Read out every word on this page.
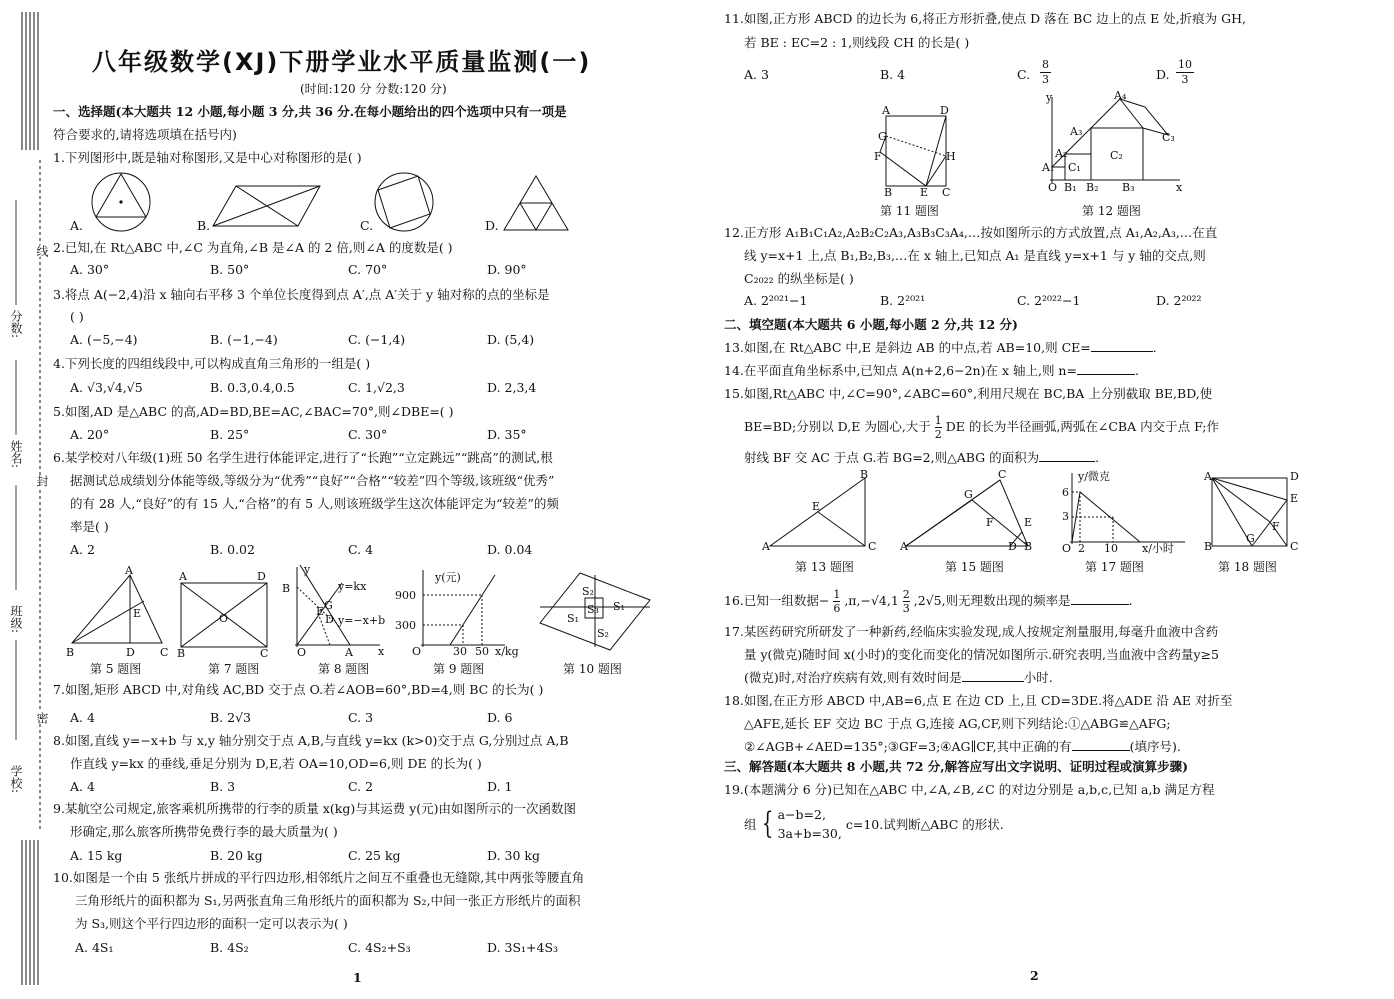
分数:
姓名:
班级:
学校:
线
封
密
八年级数学(XJ)下册学业水平质量监测(一)
(时间:120 分 分数:120 分)
一、选择题(本大题共 12 小题,每小题 3 分,共 36 分.在每小题给出的四个选项中只有一项是
符合要求的,请将选项填在括号内)
1.下列图形中,既是轴对称图形,又是中心对称图形的是( )
A.	B.	C.	D.
2.已知,在 Rt△ABC 中,∠C 为直角,∠B 是∠A 的 2 倍,则∠A 的度数是( )
A. 30°	B. 50°	C. 70°	D. 90°
3.将点 A(−2,4)沿 x 轴向右平移 3 个单位长度得到点 A′,点 A′关于 y 轴对称的点的坐标是
( )
A. (−5,−4)	B. (−1,−4)	C. (−1,4)	D. (5,4)
4.下列长度的四组线段中,可以构成直角三角形的一组是( )
A. √3,√4,√5	B. 0.3,0.4,0.5	C. 1,√2,3	D. 2,3,4
5.如图,AD 是△ABC 的高,AD=BD,BE=AC,∠BAC=70°,则∠DBE=( )
A. 20°	B. 25°	C. 30°	D. 35°
6.某学校对八年级(1)班 50 名学生进行体能评定,进行了“长跑”“立定跳远”“跳高”的测试,根
据测试总成绩划分体能等级,等级分为“优秀”“良好”“合格”“较差”四个等级,该班级“优秀”
的有 28 人,“良好”的有 15 人,“合格”的有 5 人,则该班级学生这次体能评定为“较差”的频
率是( )
A. 2	B. 0.02	C. 4	D. 0.04
A
B	C
D
E
第 5 题图
A	D
B	C
O
第 7 题图
B
y
E G
D
O	A x
y=kx
y=−x+b
第 8 题图
y(元)
900
300
O	30 50 x/kg
第 9 题图
S₂
S₃ S₁
S₁
S₂
第 10 题图
7.如图,矩形 ABCD 中,对角线 AC,BD 交于点 O.若∠AOB=60°,BD=4,则 BC 的长为( )
A. 4	B. 2√3	C. 3	D. 6
8.如图,直线 y=−x+b 与 x,y 轴分别交于点 A,B,与直线 y=kx (k>0)交于点 G,分别过点 A,B
作直线 y=kx 的垂线,垂足分别为 D,E,若 OA=10,OD=6,则 DE 的长为( )
A. 4	B. 3	C. 2	D. 1
9.某航空公司规定,旅客乘机所携带的行李的质量 x(kg)与其运费 y(元)由如图所示的一次函数图
形确定,那么旅客所携带免费行李的最大质量为( )
A. 15 kg	B. 20 kg	C. 25 kg	D. 30 kg
10.如图是一个由 5 张纸片拼成的平行四边形,相邻纸片之间互不重叠也无缝隙,其中两张等腰直角
三角形纸片的面积都为 S₁,另两张直角三角形纸片的面积都为 S₂,中间一张正方形纸片的面积
为 S₃,则这个平行四边形的面积一定可以表示为( )
A. 4S₁	B. 4S₂	C. 4S₂+S₃	D. 3S₁+4S₃
1
11.如图,正方形 ABCD 的边长为 6,将正方形折叠,使点 D 落在 BC 边上的点 E 处,折痕为 GH,
若 BE : EC=2 : 1,则线段 CH 的长是( )
A. 3	B. 4	C. $\frac{8}{3}$	D. $\frac{10}{3}$
A	D
G
F	H
B	E C
第 11 题图
y
A₁
A₂
A₃
A₄
C₁
C₂
C₃
O B₁ B₂ B₃	x
第 12 题图
12.正方形 A₁B₁C₁A₂,A₂B₂C₂A₃,A₃B₃C₃A₄,…按如图所示的方式放置,点 A₁,A₂,A₃,…在直
线 y=x+1 上,点 B₁,B₂,B₃,…在 x 轴上,已知点 A₁ 是直线 y=x+1 与 y 轴的交点,则
C₂₀₂₂ 的纵坐标是( )
A. 2²⁰²¹−1	B. 2²⁰²¹	C. 2²⁰²²−1	D. 2²⁰²²
二、填空题(本大题共 6 小题,每小题 2 分,共 12 分)
13.如图,在 Rt△ABC 中,E 是斜边 AB 的中点,若 AB=10,则 CE=	.
14.在平面直角坐标系中,已知点 A(n+2,6−2n)在 x 轴上,则 n=	.
15.如图,Rt△ABC 中,∠C=90°,∠ABC=60°,利用尺规在 BC,BA 上分别截取 BE,BD,使
BE=BD;分别以 D,E 为圆心,大于 $\frac{1}{2}$ DE 的长为半径画弧,两弧在∠CBA 内交于点 F;作
射线 BF 交 AC 于点 G.若 BG=2,则△ABG 的面积为	.
B
E
A	C
第 13 题图
C
G
F	E
A	D B
第 15 题图
y/微克
6
3
O 2 10 x/小时
第 17 题图
A	D
E
F
B
G
C
第 18 题图
16.已知一组数据− $\frac{1}{6} ,\pi,-√4,1 \frac{2}{3} ,2√5$,则无理数出现的频率是	.
17.某医药研究所研发了一种新药,经临床实验发现,成人按规定剂量服用,每毫升血液中含药
量 y(微克)随时间 x(小时)的变化而变化的情况如图所示.研究表明,当血液中含药量y≥5
(微克)时,对治疗疾病有效,则有效时间是	小时.
18.如图,在正方形 ABCD 中,AB=6,点 E 在边 CD 上,且 CD=3DE.将△ADE 沿 AE 对折至
△AFE,延长 EF 交边 BC 于点 G,连接 AG,CF,则下列结论:①△ABG≌△AFG;
②∠AGB+∠AED=135°;③GF=3;④AG∥CF,其中正确的有	(填序号).
三、解答题(本大题共 8 小题,共 72 分,解答应写出文字说明、证明过程或演算步骤)
19.(本题满分 6 分)已知在△ABC 中,∠A,∠B,∠C 的对边分别是 a,b,c,已知 a,b 满足方程
组 { a−b=2,
3a+b=30,
c=10.试判断△ABC 的形状.
2
